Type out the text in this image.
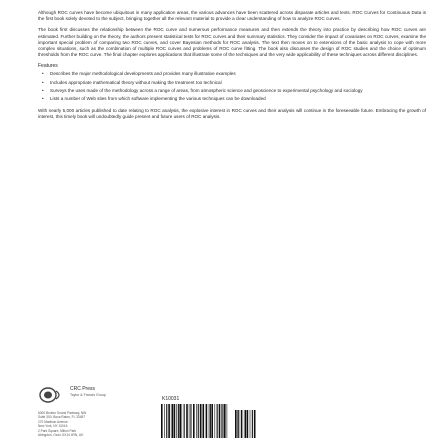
Although ROC curves have become ubiquitous in many application areas, the various advances have been scattered across disparate articles and texts. ROC Curves for Continuous Data is the first book solely devoted to the subject, bringing together all the relevant material to provide a clear understanding of how to analyze ROC curves.

The book first discusses the relationship between the ROC curve and numerous performance measures and then extends the theory into practice by describing how ROC curves are estimated. Further building on the theory, the authors present statistical tests for ROC curves and their summary statistics. They consider the impact of covariates on ROC curves, examine the important special problem of comparing two ROC curves, and cover Bayesian methods for ROC analysis. The text then moves on to extensions of the basic analysis to cope with more complex situations, such as the combination of multiple ROC curves and problems of ROC curve fitting. The book also discusses the design of ROC studies and the choice of optimum thresholds from the ROC curve. The final chapter explores applications that illustrate some of the techniques and the very wide applicability of these techniques across different disciplines.

Features

• Describes the major methodological developments and provides many illustrative examples
• Includes appropriate mathematical theory without making the treatment too technical
• Surveys the uses made of the methodology across a range of areas, from atmospheric science and geoscience to experimental psychology and sociology
• Lists a number of Web sites from which software implementing the various techniques can be downloaded

With nearly 5,000 articles published to date relating to ROC analysis, the explosive interest in ROC curves and their analysis will continue in the foreseeable future. Embracing the growth of interest, this timely book will undoubtedly guide present and future users of ROC analysis.

CRC Press
Taylor & Francis Group
6000 Broken Sound Parkway, NW
Suite 300, Boca Raton, FL 33487
270 Madison Avenue
New York, NY 10016
2 Park Square, Milton Park
Abingdon, Oxon OX14 4RN, UK
K10031
